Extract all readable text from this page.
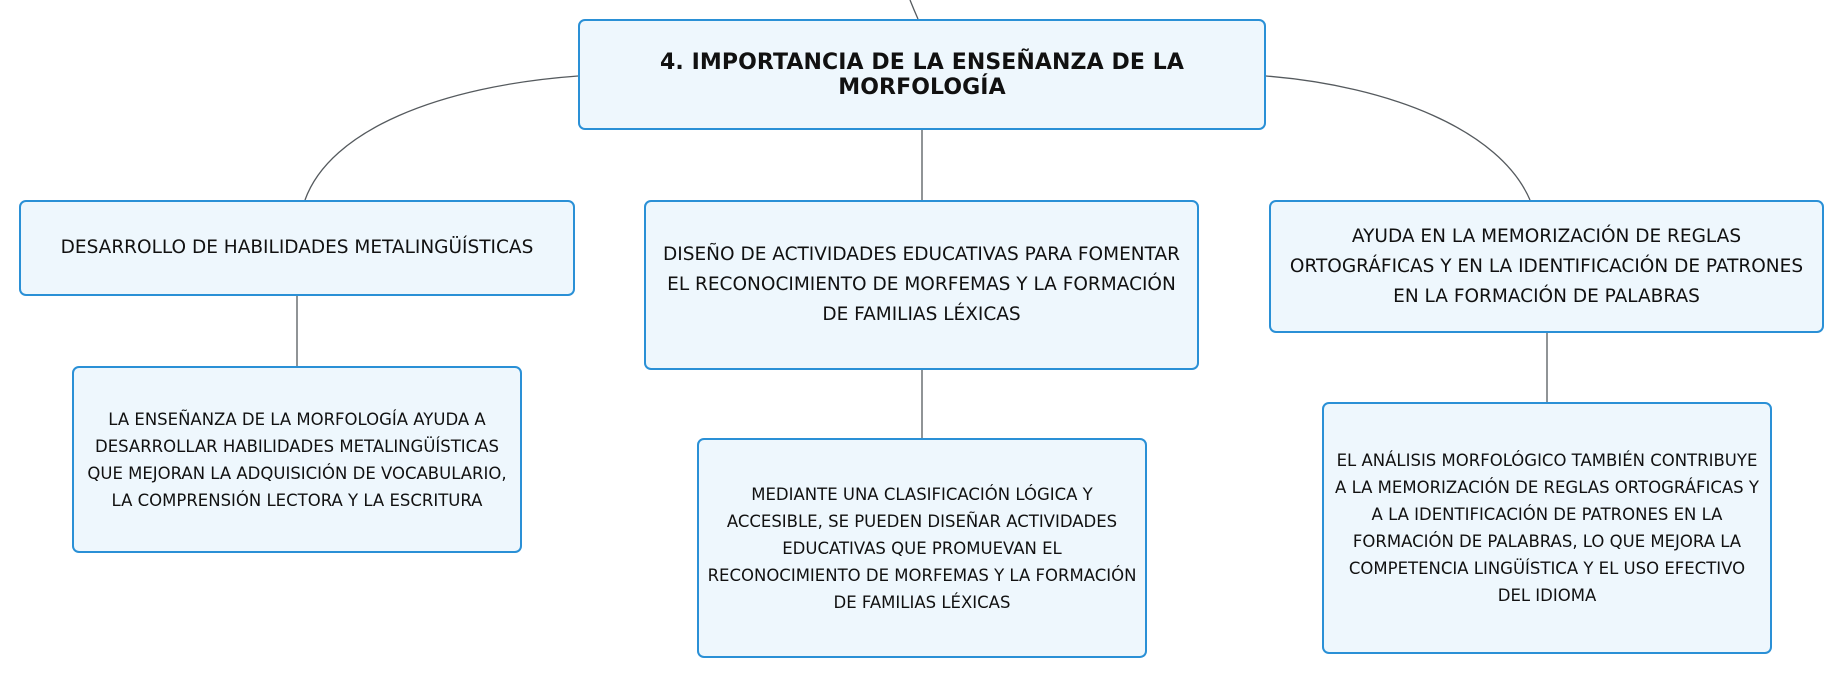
4. IMPORTANCIA DE LA ENSEÑANZA DE LA MORFOLOGÍA
DESARROLLO DE HABILIDADES METALINGÜÍSTICAS	DISEÑO DE ACTIVIDADES EDUCATIVAS PARA FOMENTAR EL RECONOCIMIENTO DE MORFEMAS Y LA FORMACIÓN DE FAMILIAS LÉXICAS
AYUDA EN LA MEMORIZACIÓN DE REGLAS ORTOGRÁFICAS Y EN LA IDENTIFICACIÓN DE PATRONES EN LA FORMACIÓN DE PALABRAS
LA ENSEÑANZA DE LA MORFOLOGÍA AYUDA A DESARROLLAR HABILIDADES METALINGÜÍSTICAS QUE MEJORAN LA ADQUISICIÓN DE VOCABULARIO, LA COMPRENSIÓN LECTORA Y LA ESCRITURA	MEDIANTE UNA CLASIFICACIÓN LÓGICA Y ACCESIBLE, SE PUEDEN DISEÑAR ACTIVIDADES EDUCATIVAS QUE PROMUEVAN EL RECONOCIMIENTO DE MORFEMAS Y LA FORMACIÓN DE FAMILIAS LÉXICAS
EL ANÁLISIS MORFOLÓGICO TAMBIÉN CONTRIBUYE A LA MEMORIZACIÓN DE REGLAS ORTOGRÁFICAS Y A LA IDENTIFICACIÓN DE PATRONES EN LA FORMACIÓN DE PALABRAS, LO QUE MEJORA LA COMPETENCIA LINGÜÍSTICA Y EL USO EFECTIVO DEL IDIOMA
